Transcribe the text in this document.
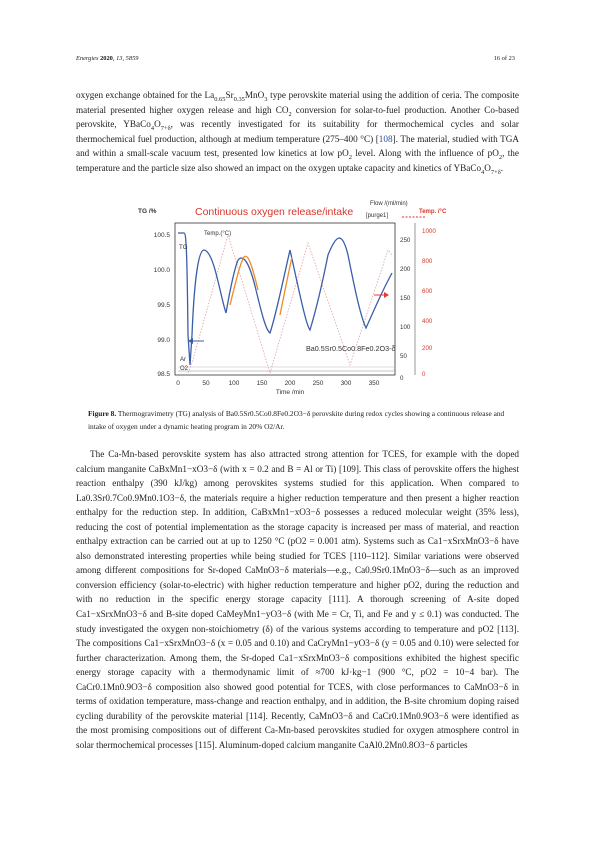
Energies 2020, 13, 5859	16 of 23

oxygen exchange obtained for the $La_{0.65}Sr_{0.35}MnO_3$ type perovskite material using the addition of ceria. The composite material presented higher oxygen release and high $CO_2$ conversion for solar-to-fuel production. Another Co-based perovskite, $YBaCo_4O_{7+\delta}$, was recently investigated for its suitability for thermochemical cycles and solar thermochemical fuel production, although at medium temperature (275–400 °C) [108]. The material, studied with TGA and within a small-scale vacuum test, presented low kinetics at low $pO_2$ level. Along with the influence of $pO_2$, the temperature and the particle size also showed an impact on the oxygen uptake capacity and kinetics of $YBaCo_4O_{7+\delta}$.

TG /%	Continuous oxygen release/intake
Flow /(ml/min)
[purge1]
Temp. /°C
100.5
100.0
99.5
99.0
98.5
250
200
150
100
50
0
1000
800
600
400
200
0
0	50	100	150	200	250	300	350
Time /min
Temp.(°C)
TG
Ar
O2
Ba0.5Sr0.5Co0.8Fe0.2O3-δ
Figure 8. Thermogravimetry (TG) analysis of Ba0.5Sr0.5Co0.8Fe0.2O3−δ perovskite during redox cycles showing a continuous release and intake of oxygen under a dynamic heating program in 20% O2/Ar.

The Ca-Mn-based perovskite system has also attracted strong attention for TCES, for example with the doped calcium manganite CaBxMn1−xO3−δ (with x = 0.2 and B = Al or Ti) [109]. This class of perovskite offers the highest reaction enthalpy (390 kJ/kg) among perovskites systems studied for this application. When compared to La0.3Sr0.7Co0.9Mn0.1O3−δ, the materials require a higher reduction temperature and then present a higher reaction enthalpy for the reduction step. In addition, CaBxMn1−xO3−δ possesses a reduced molecular weight (35% less), reducing the cost of potential implementation as the storage capacity is increased per mass of material, and reaction enthalpy extraction can be carried out at up to 1250 °C (pO2 = 0.001 atm). Systems such as Ca1−xSrxMnO3−δ have also demonstrated interesting properties while being studied for TCES [110–112]. Similar variations were observed among different compositions for Sr-doped CaMnO3−δ materials—e.g., Ca0.9Sr0.1MnO3−δ—such as an improved conversion efficiency (solar-to-electric) with higher reduction temperature and higher pO2, during the reduction and with no reduction in the specific energy storage capacity [111]. A thorough screening of A-site doped Ca1−xSrxMnO3−δ and B-site doped CaMeyMn1−yO3−δ (with Me = Cr, Ti, and Fe and y ≤ 0.1) was conducted. The study investigated the oxygen non-stoichiometry (δ) of the various systems according to temperature and pO2 [113]. The compositions Ca1−xSrxMnO3−δ (x = 0.05 and 0.10) and CaCryMn1−yO3−δ (y = 0.05 and 0.10) were selected for further characterization. Among them, the Sr-doped Ca1−xSrxMnO3−δ compositions exhibited the highest specific energy storage capacity with a thermodynamic limit of ≈700 kJ·kg−1 (900 °C, pO2 = 10−4 bar). The CaCr0.1Mn0.9O3−δ composition also showed good potential for TCES, with close performances to CaMnO3−δ in terms of oxidation temperature, mass-change and reaction enthalpy, and in addition, the B-site chromium doping raised cycling durability of the perovskite material [114]. Recently, CaMnO3−δ and CaCr0.1Mn0.9O3−δ were identified as the most promising compositions out of different Ca-Mn-based perovskites studied for oxygen atmosphere control in solar thermochemical processes [115]. Aluminum-doped calcium manganite CaAl0.2Mn0.8O3−δ particles
